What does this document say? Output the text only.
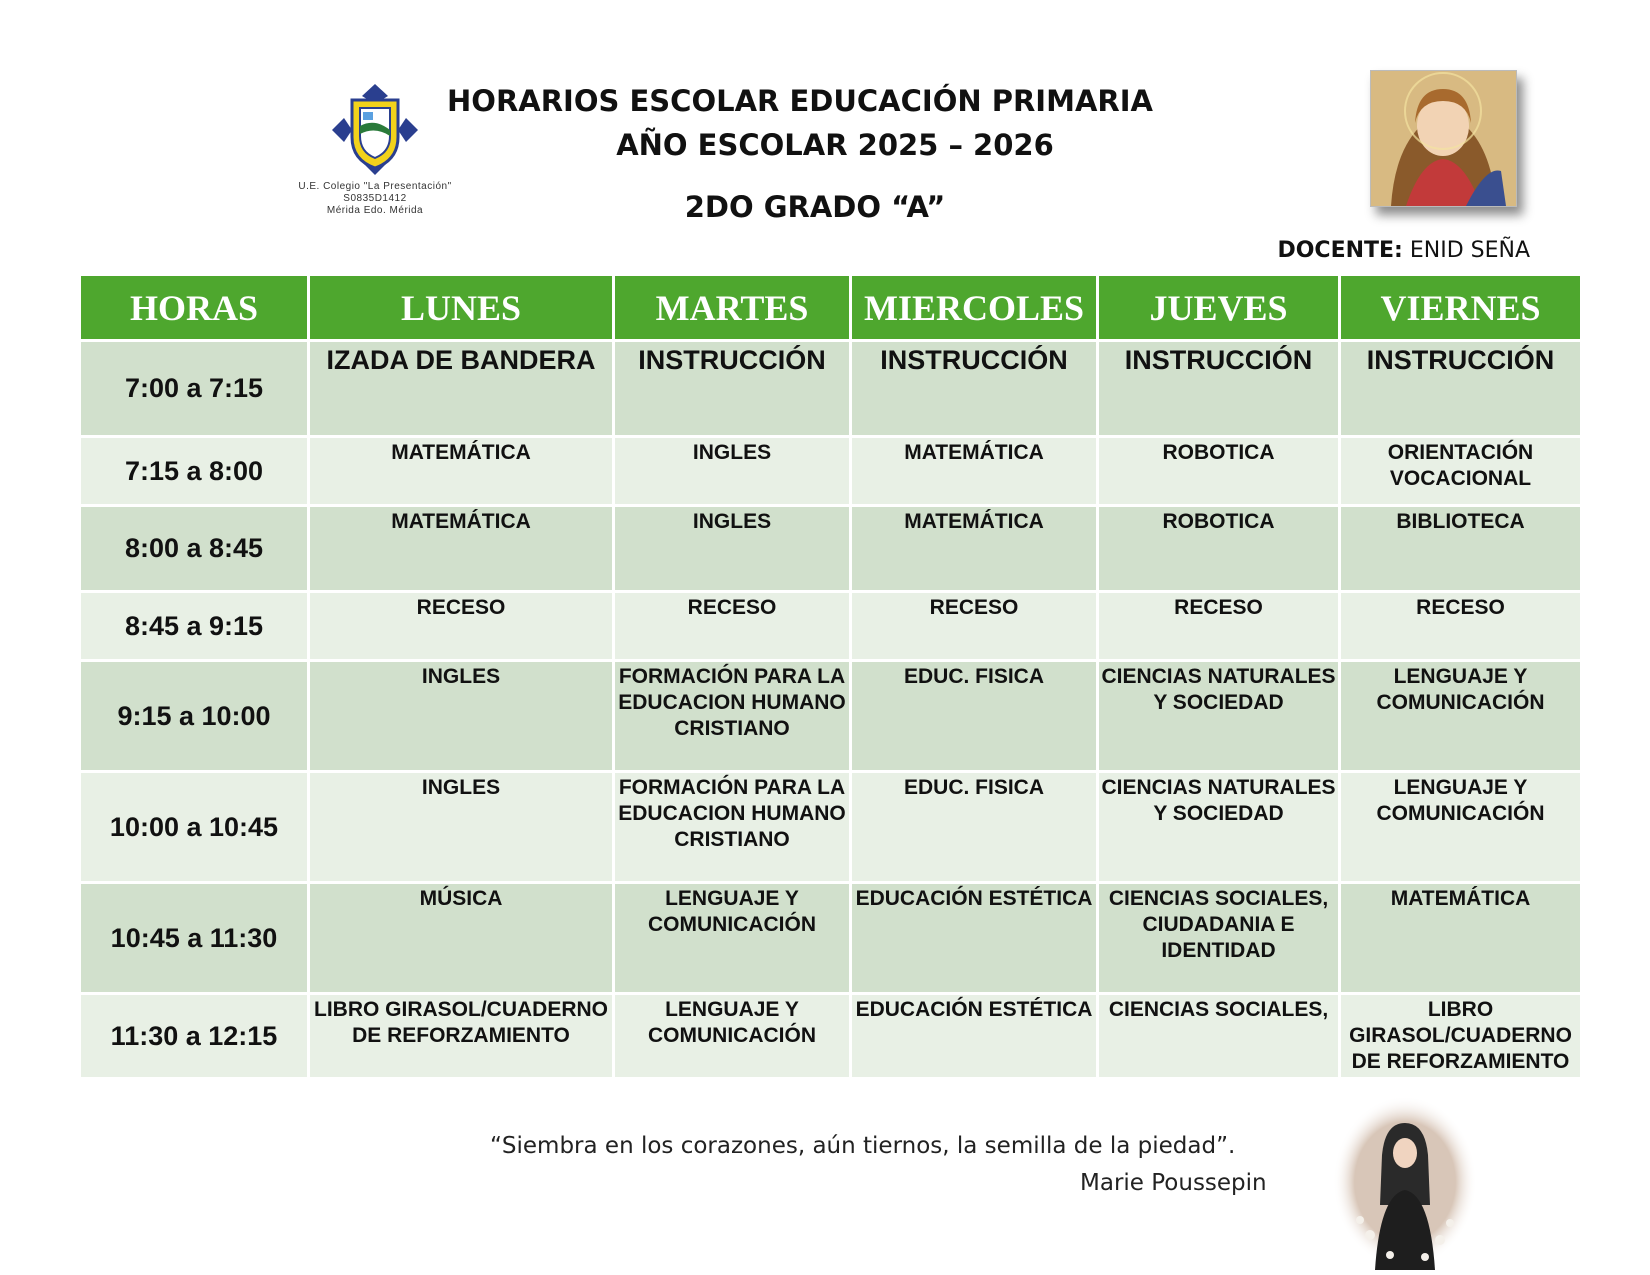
U.E. Colegio "La Presentación"
S0835D1412
Mérida Edo. Mérida
HORARIOS ESCOLAR EDUCACIÓN PRIMARIA
AÑO ESCOLAR 2025 – 2026
2DO GRADO “A”
DOCENTE: ENID SEÑA
HORAS	LUNES	MARTES	MIERCOLES	JUEVES	VIERNES
7:00 a 7:15	IZADA DE BANDERA	INSTRUCCIÓN	INSTRUCCIÓN	INSTRUCCIÓN	INSTRUCCIÓN
7:15 a 8:00	MATEMÁTICA	INGLES	MATEMÁTICA	ROBOTICA	ORIENTACIÓN VOCACIONAL
8:00 a 8:45	MATEMÁTICA	INGLES	MATEMÁTICA	ROBOTICA	BIBLIOTECA
8:45 a 9:15	RECESO	RECESO	RECESO	RECESO	RECESO
9:15 a 10:00	INGLES	FORMACIÓN PARA LA EDUCACION HUMANO CRISTIANO	EDUC. FISICA	CIENCIAS NATURALES Y SOCIEDAD	LENGUAJE Y COMUNICACIÓN
10:00 a 10:45	INGLES	FORMACIÓN PARA LA EDUCACION HUMANO CRISTIANO	EDUC. FISICA	CIENCIAS NATURALES Y SOCIEDAD	LENGUAJE Y COMUNICACIÓN
10:45 a 11:30	MÚSICA	LENGUAJE Y COMUNICACIÓN	EDUCACIÓN ESTÉTICA	CIENCIAS SOCIALES, CIUDADANIA E IDENTIDAD	MATEMÁTICA
11:30 a 12:15	LIBRO GIRASOL/CUADERNO DE REFORZAMIENTO	LENGUAJE Y COMUNICACIÓN	EDUCACIÓN ESTÉTICA	CIENCIAS SOCIALES,	LIBRO GIRASOL/CUADERNO DE REFORZAMIENTO
“Siembra en los corazones, aún tiernos, la semilla de la piedad”.
Marie Poussepin
